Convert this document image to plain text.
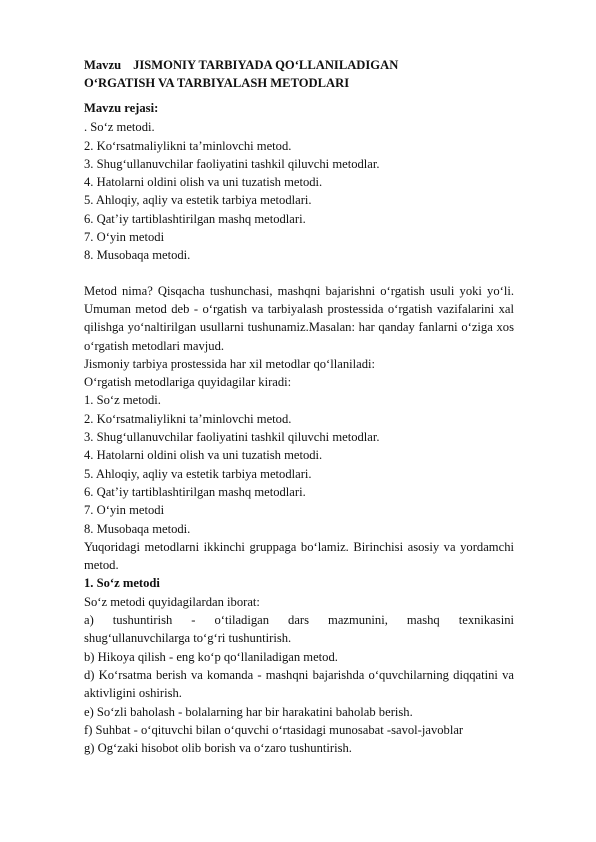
Mavzu JISMONIY TARBIYADA QO‘LLANILADIGAN
O‘RGATISH VA TARBIYALASH METODLARI
Mavzu rejasi:
. So‘z metodi.
2. Ko‘rsatmaliylikni ta’minlovchi metod.
3. Shug‘ullanuvchilar faoliyatini tashkil qiluvchi metodlar.
4. Hatolarni oldini olish va uni tuzatish metodi.
5. Ahloqiy, aqliy va estetik tarbiya metodlari.
6. Qat’iy tartiblashtirilgan mashq metodlari.
7. O‘yin metodi
8. Musobaqa metodi.

Metod nima? Qisqacha tushunchasi, mashqni bajarishni o‘rgatish usuli yoki yo‘li. Umuman metod deb - o‘rgatish va tarbiyalash prostessida o‘rgatish vazifalarini xal qilishga yo‘naltirilgan usullarni tushunamiz.Masalan: har qanday fanlarni o‘ziga xos o‘rgatish metodlari mavjud.

Jismoniy tarbiya prostessida har xil metodlar qo‘llaniladi:

O‘rgatish metodlariga quyidagilar kiradi:

1. So‘z metodi.
2. Ko‘rsatmaliylikni ta’minlovchi metod.
3. Shug‘ullanuvchilar faoliyatini tashkil qiluvchi metodlar.
4. Hatolarni oldini olish va uni tuzatish metodi.
5. Ahloqiy, aqliy va estetik tarbiya metodlari.
6. Qat’iy tartiblashtirilgan mashq metodlari.
7. O‘yin metodi
8. Musobaqa metodi.

Yuqoridagi metodlarni ikkinchi gruppaga bo‘lamiz. Birinchisi asosiy va yordamchi metod.

1. So‘z metodi

So‘z metodi quyidagilardan iborat:

a) tushuntirish - o‘tiladigan dars mazmunini, mashq texnikasini

shug‘ullanuvchilarga to‘g‘ri tushuntirish.

b) Hikoya qilish - eng ko‘p qo‘llaniladigan metod.

d) Ko‘rsatma berish va komanda - mashqni bajarishda o‘quvchilarning diqqatini va aktivligini oshirish.

e) So‘zli baholash - bolalarning har bir harakatini baholab berish.

f) Suhbat - o‘qituvchi bilan o‘quvchi o‘rtasidagi munosabat -savol-javoblar

g) Og‘zaki hisobot olib borish va o‘zaro tushuntirish.
